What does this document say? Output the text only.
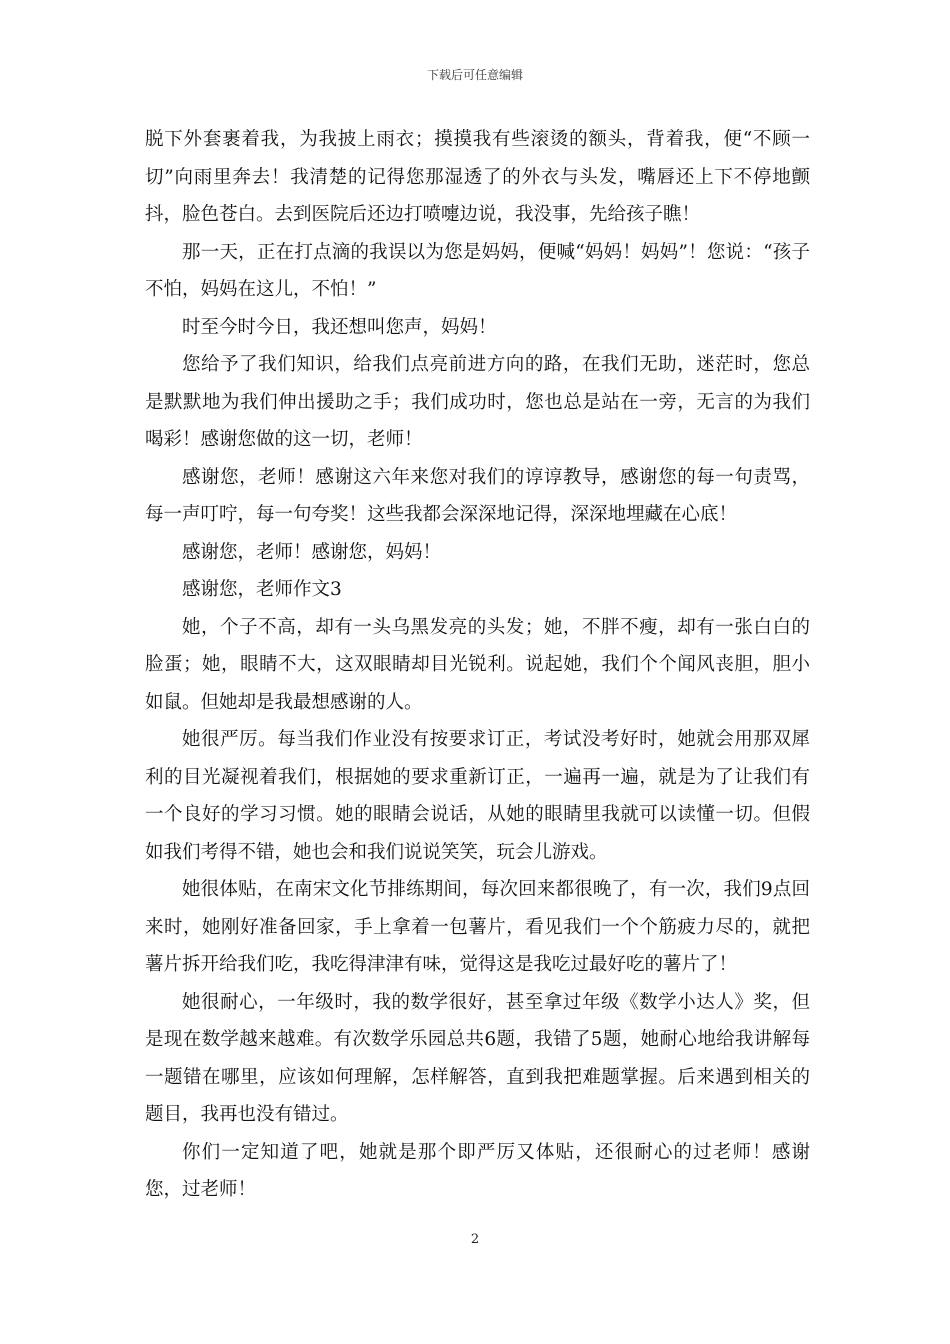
下载后可任意编辑

脱下外套裹着我，为我披上雨衣；摸摸我有些滚烫的额头，背着我，便“不顾一切”向雨里奔去！我清楚的记得您那湿透了的外衣与头发，嘴唇还上下不停地颤抖，脸色苍白。去到医院后还边打喷嚏边说，我没事，先给孩子瞧！

那一天，正在打点滴的我误以为您是妈妈，便喊“妈妈！妈妈”！您说：“孩子不怕，妈妈在这儿，不怕！”

时至今时今日，我还想叫您声，妈妈！

您给予了我们知识，给我们点亮前进方向的路，在我们无助，迷茫时，您总是默默地为我们伸出援助之手；我们成功时，您也总是站在一旁，无言的为我们喝彩！感谢您做的这一切，老师！

感谢您，老师！感谢这六年来您对我们的谆谆教导，感谢您的每一句责骂，每一声叮咛，每一句夸奖！这些我都会深深地记得，深深地埋藏在心底！

感谢您，老师！感谢您，妈妈！

感谢您，老师作文3

她，个子不高，却有一头乌黑发亮的头发；她，不胖不瘦，却有一张白白的脸蛋；她，眼睛不大，这双眼睛却目光锐利。说起她，我们个个闻风丧胆，胆小如鼠。但她却是我最想感谢的人。

她很严厉。每当我们作业没有按要求订正，考试没考好时，她就会用那双犀利的目光凝视着我们，根据她的要求重新订正，一遍再一遍，就是为了让我们有一个良好的学习习惯。她的眼睛会说话，从她的眼睛里我就可以读懂一切。但假如我们考得不错，她也会和我们说说笑笑，玩会儿游戏。

她很体贴，在南宋文化节排练期间，每次回来都很晚了，有一次，我们9点回来时，她刚好准备回家，手上拿着一包薯片，看见我们一个个筋疲力尽的，就把薯片拆开给我们吃，我吃得津津有味，觉得这是我吃过最好吃的薯片了！

她很耐心，一年级时，我的数学很好，甚至拿过年级《数学小达人》奖，但是现在数学越来越难。有次数学乐园总共6题，我错了5题，她耐心地给我讲解每一题错在哪里，应该如何理解，怎样解答，直到我把难题掌握。后来遇到相关的题目，我再也没有错过。

你们一定知道了吧，她就是那个即严厉又体贴，还很耐心的过老师！感谢您，过老师！

2
